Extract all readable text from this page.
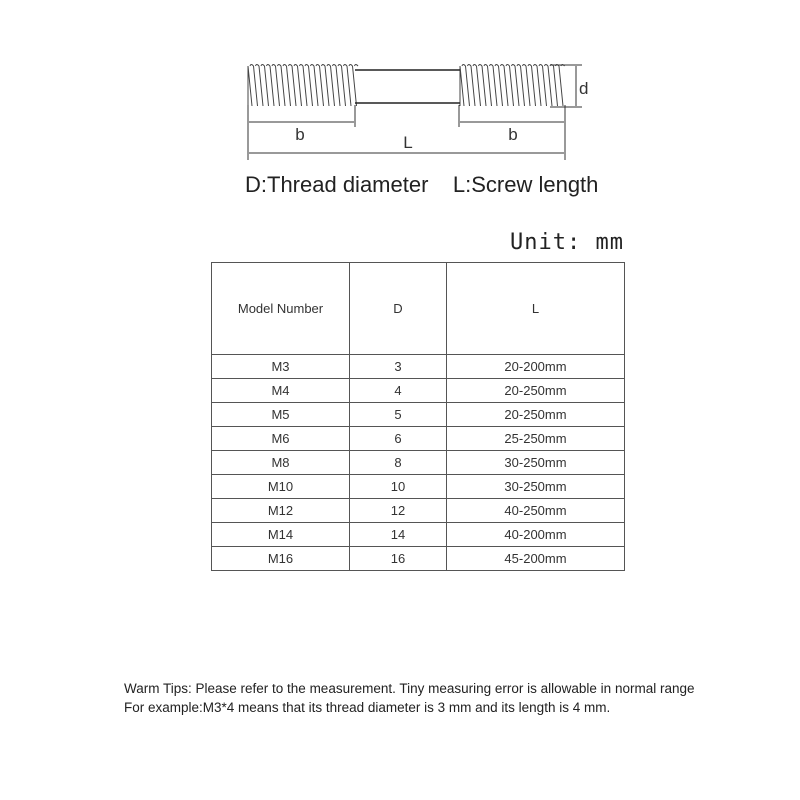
b	b
L
d
D:Thread diameter L:Screw length
Unit: mm
Model Number	D	L
M3	3	20-200mm
M4	4	20-250mm
M5	5	20-250mm
M6	6	25-250mm
M8	8	30-250mm
M10	10	30-250mm
M12	12	40-250mm
M14	14	40-200mm
M16	16	45-200mm
Warm Tips: Please refer to the measurement. Tiny measuring error is allowable in normal range
For example:M3*4 means that its thread diameter is 3 mm and its length is 4 mm.
